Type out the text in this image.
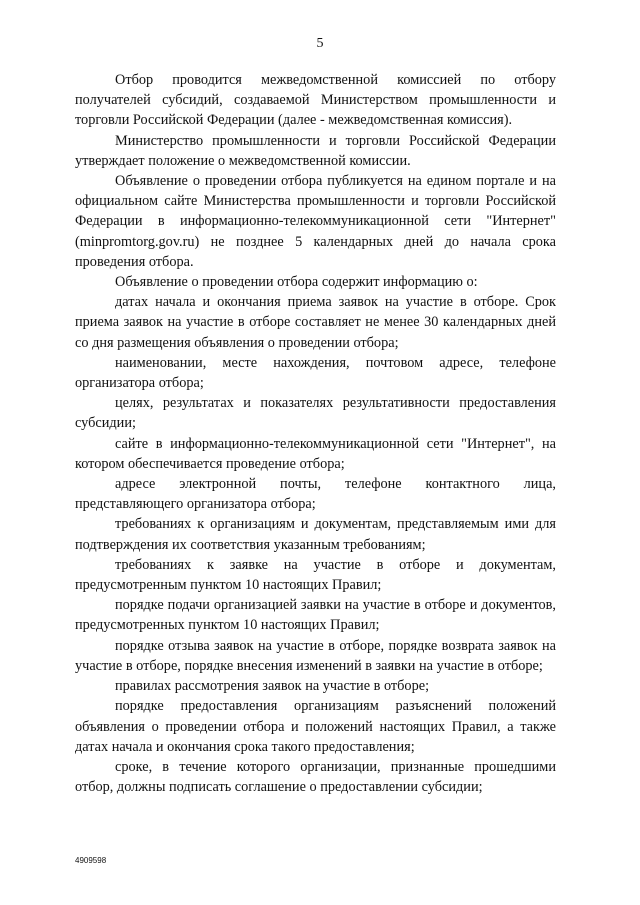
5

Отбор проводится межведомственной комиссией по отбору получателей субсидий, создаваемой Министерством промышленности и торговли Российской Федерации (далее - межведомственная комиссия).

Министерство промышленности и торговли Российской Федерации утверждает положение о межведомственной комиссии.

Объявление о проведении отбора публикуется на едином портале и на официальном сайте Министерства промышленности и торговли Российской Федерации в информационно-телекоммуникационной сети "Интернет" (minpromtorg.gov.ru) не позднее 5 календарных дней до начала срока проведения отбора.

Объявление о проведении отбора содержит информацию о:

датах начала и окончания приема заявок на участие в отборе. Срок приема заявок на участие в отборе составляет не менее 30 календарных дней со дня размещения объявления о проведении отбора;

наименовании, месте нахождения, почтовом адресе, телефоне организатора отбора;

целях, результатах и показателях результативности предоставления субсидии;

сайте в информационно-телекоммуникационной сети "Интернет", на котором обеспечивается проведение отбора;

адресе электронной почты, телефоне контактного лица, представляющего организатора отбора;

требованиях к организациям и документам, представляемым ими для подтверждения их соответствия указанным требованиям;

требованиях к заявке на участие в отборе и документам, предусмотренным пунктом 10 настоящих Правил;

порядке подачи организацией заявки на участие в отборе и документов, предусмотренных пунктом 10 настоящих Правил;

порядке отзыва заявок на участие в отборе, порядке возврата заявок на участие в отборе, порядке внесения изменений в заявки на участие в отборе;

правилах рассмотрения заявок на участие в отборе;

порядке предоставления организациям разъяснений положений объявления о проведении отбора и положений настоящих Правил, а также датах начала и окончания срока такого предоставления;

сроке, в течение которого организации, признанные прошедшими отбор, должны подписать соглашение о предоставлении субсидии;

4909598
